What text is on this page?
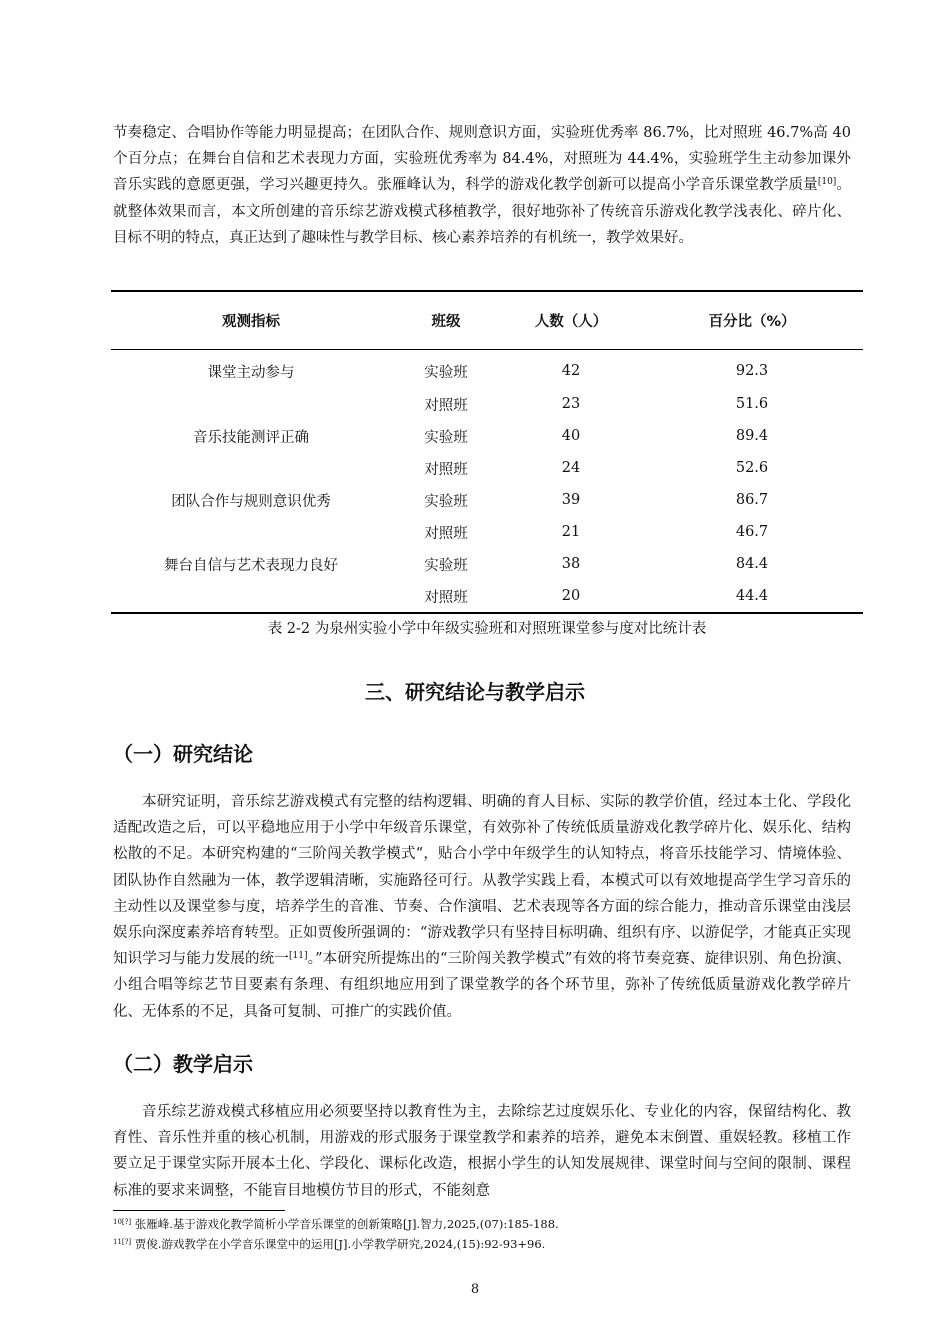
节奏稳定、合唱协作等能力明显提高；在团队合作、规则意识方面，实验班优秀率 86.7%，比对照班 46.7%高 40 个百分点；在舞台自信和艺术表现力方面，实验班优秀率为 84.4%，对照班为 44.4%，实验班学生主动参加课外音乐实践的意愿更强，学习兴趣更持久。张雁峰认为，科学的游戏化教学创新可以提高小学音乐课堂教学质量[10]。就整体效果而言，本文所创建的音乐综艺游戏模式移植教学，很好地弥补了传统音乐游戏化教学浅表化、碎片化、目标不明的特点，真正达到了趣味性与教学目标、核心素养培养的有机统一，教学效果好。

观测指标	班级	人数（人）	百分比（%）
课堂主动参与	实验班	42	92.3
	对照班	23	51.6
音乐技能测评正确	实验班	40	89.4
	对照班	24	52.6
团队合作与规则意识优秀	实验班	39	86.7
	对照班	21	46.7
舞台自信与艺术表现力良好	实验班	38	84.4
	对照班	20	44.4
表 2-2 为泉州实验小学中年级实验班和对照班课堂参与度对比统计表
三、研究结论与教学启示
（一）研究结论

本研究证明，音乐综艺游戏模式有完整的结构逻辑、明确的育人目标、实际的教学价值，经过本土化、学段化适配改造之后，可以平稳地应用于小学中年级音乐课堂，有效弥补了传统低质量游戏化教学碎片化、娱乐化、结构松散的不足。本研究构建的“三阶闯关教学模式“，贴合小学中年级学生的认知特点，将音乐技能学习、情境体验、团队协作自然融为一体，教学逻辑清晰，实施路径可行。从教学实践上看，本模式可以有效地提高学生学习音乐的主动性以及课堂参与度，培养学生的音准、节奏、合作演唱、艺术表现等各方面的综合能力，推动音乐课堂由浅层娱乐向深度素养培育转型。正如贾俊所强调的：“游戏教学只有坚持目标明确、组织有序、以游促学，才能真正实现知识学习与能力发展的统一[11]。”本研究所提炼出的“三阶闯关教学模式”有效的将节奏竞赛、旋律识别、角色扮演、小组合唱等综艺节目要素有条理、有组织地应用到了课堂教学的各个环节里，弥补了传统低质量游戏化教学碎片化、无体系的不足，具备可复制、可推广的实践价值。

（二）教学启示

音乐综艺游戏模式移植应用必须要坚持以教育性为主，去除综艺过度娱乐化、专业化的内容，保留结构化、教育性、音乐性并重的核心机制，用游戏的形式服务于课堂教学和素养的培养，避免本末倒置、重娱轻教。移植工作要立足于课堂实际开展本土化、学段化、课标化改造，根据小学生的认知发展规律、课堂时间与空间的限制、课程标准的要求来调整，不能盲目地模仿节目的形式，不能刻意

$^{10[?]}$ 张雁峰.基于游戏化教学简析小学音乐课堂的创新策略[J].智力,2025,(07):185-188.
$^{11[?]}$ 贾俊.游戏教学在小学音乐课堂中的运用[J].小学教学研究,2024,(15):92-93+96.
8
